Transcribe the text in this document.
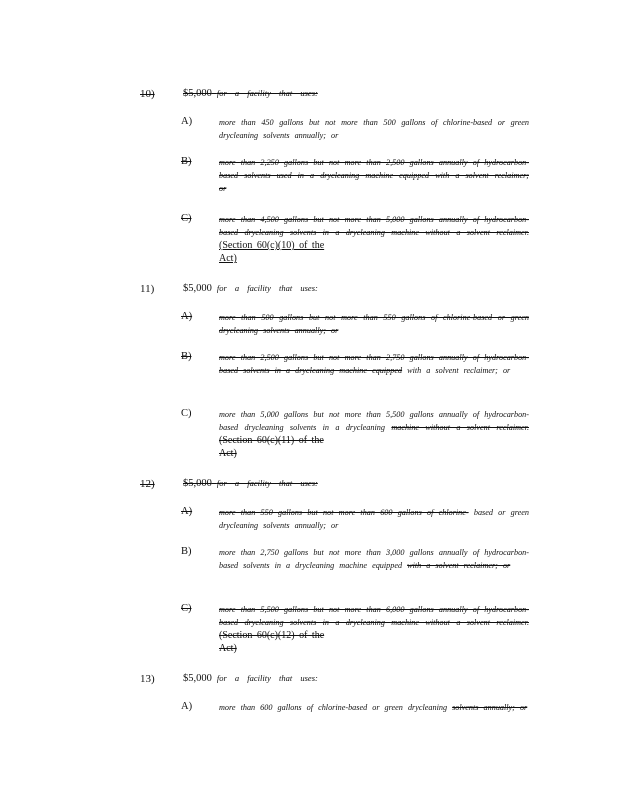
10)	$5,000 for a facility that uses:
A)	more than 450 gallons but not more than 500 gallons of chlorine-based or green drycleaning solvents annually; or
B)	more than 2,250 gallons but not more than 2,500 gallons annually of hydrocarbon-based solvents used in a drycleaning machine equipped with a solvent reclaimer; or
C)	more than 4,500 gallons but not more than 5,000 gallons annually of hydrocarbon-based drycleaning solvents in a drycleaning machine without a solvent reclaimer. (Section 60(c)(10) of the
Act)
11)	$5,000 for a facility that uses:
A)	more than 500 gallons but not more than 550 gallons of chlorine-based or green drycleaning solvents annually; or
B)	more than 2,500 gallons but not more than 2,750 gallons annually of hydrocarbon-based solvents in a drycleaning machine equipped with a solvent reclaimer; or
C)	more than 5,000 gallons but not more than 5,500 gallons annually of hydrocarbon-based drycleaning solvents in a drycleaning machine without a solvent reclaimer. (Section 60(c)(11) of the
Act)
12)	$5,000 for a facility that uses:
A)	more than 550 gallons but not more than 600 gallons of chlorine- based or green drycleaning solvents annually; or
B)	more than 2,750 gallons but not more than 3,000 gallons annually of hydrocarbon-based solvents in a drycleaning machine equipped with a solvent reclaimer; or
C)	more than 5,500 gallons but not more than 6,000 gallons annually of hydrocarbon-based drycleaning solvents in a drycleaning machine without a solvent reclaimer. (Section 60(c)(12) of the
Act)
13)	$5,000 for a facility that uses:
A)	more than 600 gallons of chlorine-based or green drycleaning solvents annually; or
